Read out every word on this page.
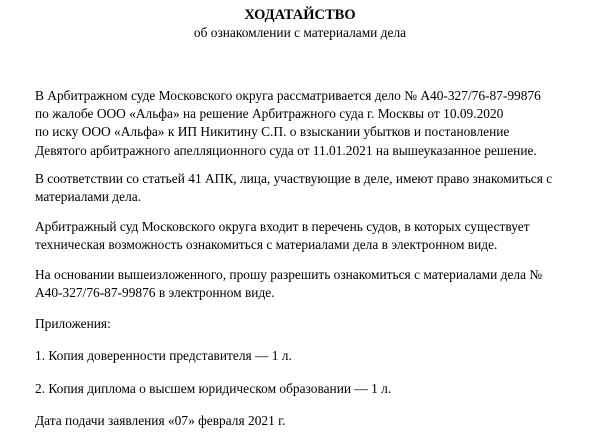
ХОДАТАЙСТВО
об ознакомлении с материалами дела
В Арбитражном суде Московского округа рассматривается дело № А40-327/76-87-99876
по жалобе ООО «Альфа» на решение Арбитражного суда г. Москвы от 10.09.2020
по иску ООО «Альфа» к ИП Никитину С.П. о взыскании убытков и постановление
Девятого арбитражного апелляционного суда от 11.01.2021 на вышеуказанное решение.
В соответствии со статьей 41 АПК, лица, участвующие в деле, имеют право знакомиться с
материалами дела.
Арбитражный суд Московского округа входит в перечень судов, в которых существует
техническая возможность ознакомиться с материалами дела в электронном виде.
На основании вышеизложенного, прошу разрешить ознакомиться с материалами дела №
А40-327/76-87-99876 в электронном виде.
Приложения:
1. Копия доверенности представителя — 1 л.
2. Копия диплома о высшем юридическом образовании — 1 л.
Дата подачи заявления «07» февраля 2021 г.
